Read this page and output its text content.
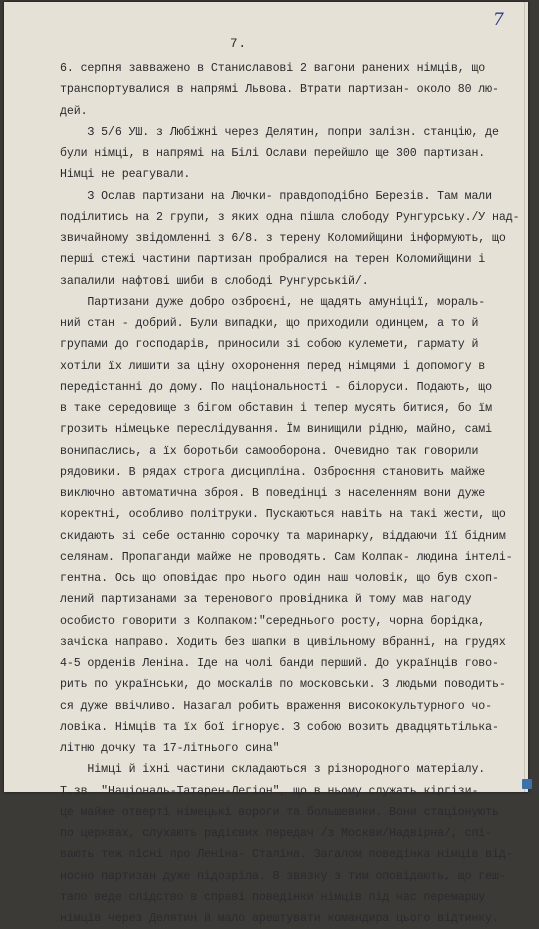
7
7.
6. серпня завважено в Станиславові 2 вагони ранених німців, що
транспортувалися в напрямі Львова. Втрати партизан- около 80 лю-
дей.
З 5/6 УШ. з Любіжні через Делятин, попри залізн. станцію, де
були німці, в напрямі на Білі Ослави перейшло ще 300 партизан.
Німці не реагували.
З Ослав партизани на Лючки- правдоподібно Березів. Там мали
поділитись на 2 групи, з яких одна пішла слободу Рунгурську./У над-
звичайному звідомленні з 6/8. з терену Коломийщини інформують, що
перші стежі частини партизан пробралися на терен Коломийщини і
запалили нафтові шиби в слободі Рунгурській/.
Партизани дуже добро озброєні, не щадять амуніції, мораль-
ний стан - добрий. Були випадки, що приходили одинцем, а то й
групами до господарів, приносили зі собою кулемети, гармату й
хотіли їх лишити за ціну охоронення перед німцями і допомогу в
передістанні до дому. По національності - білоруси. Подають, що
в таке середовище з бігом обставин і тепер мусять битися, бо їм
грозить німецьке переслідування. Їм винищили рідню, майно, самі
вонипаслись, а їх боротьби самооборона. Очевидно так говорили
рядовики. В рядах строга дисципліна. Озброєння становить майже
виключно автоматична зброя. В поведінці з населенням вони дуже
коректні, особливо політруки. Пускаються навіть на такі жести, що
скидають зі себе останню сорочку та маринарку, віддаючи її бідним
селянам. Пропаганди майже не проводять. Сам Колпак- людина інтелі-
гентна. Ось що оповідає про нього один наш чоловік, що був схоп-
лений партизанами за теренового провідника й тому мав нагоду
особисто говорити з Колпаком:"середнього росту, чорна борідка,
зачіска направо. Ходить без шапки в цивільному вбранні, на грудях
4-5 орденів Леніна. Іде на чолі банди перший. До українців гово-
рить по українськи, до москалів по московськи. З людьми поводить-
ся дуже ввічливо. Назагал робить враження висококультурного чо-
ловіка. Німців та їх бої ігнорує. З собою возить двадцятьтількa-
літню дочку та 17-літнього сина"
Німці й іхні частини складаються з різнородного матеріалу.
Т.зв. "Національ-Татарен-Легіон", що в ньому служать кіргізи-
це майже отверті німецькі вороги та большевики. Вони стаціонують
по церквах, слухають радієвих передач /з Москви/Надвірна/, спі-
вають теж пісні про Леніна- Сталіна. Загалом поведінка німців від-
носно партизан дуже підозріла. В звязку з тим оповідають, що геш-
тапо веде слідство в справі поведінки німців під час перемаршу
німців через Делятин й мало арештувати командира цього відтинку.
